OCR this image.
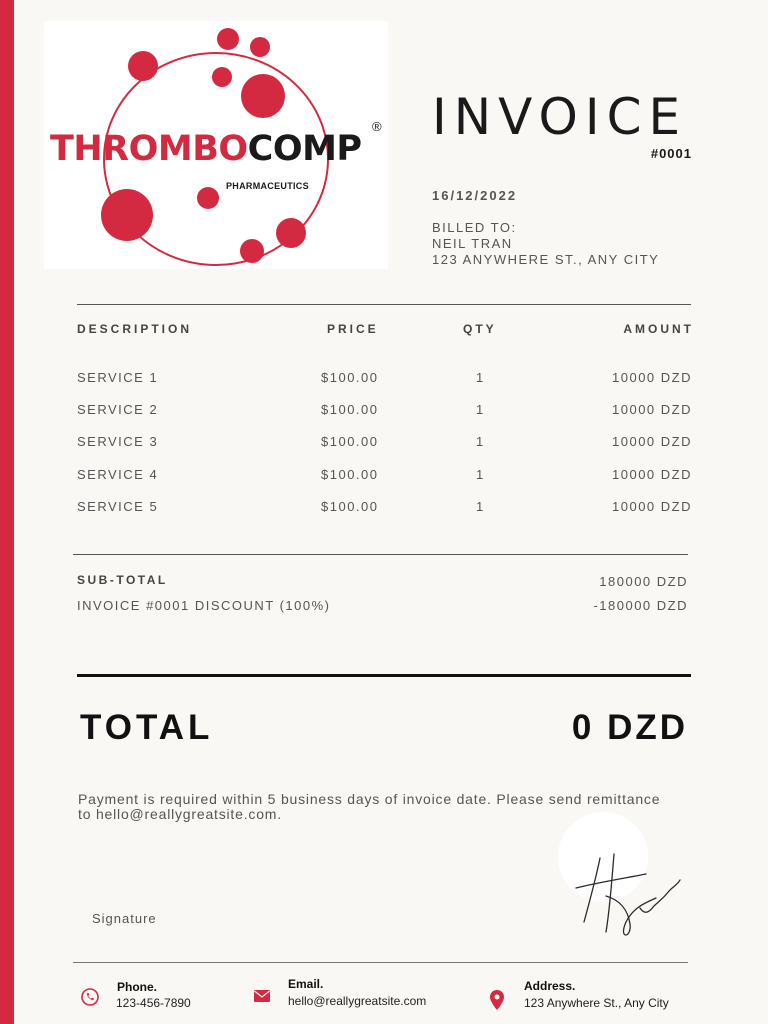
THROMBOCOMP
®
PHARMACEUTICS
INVOICE
#0001
16/12/2022
BILLED TO:
NEIL TRAN
123 ANYWHERE ST., ANY CITY
DESCRIPTION	PRICE	QTY	AMOUNT
SERVICE 1	$100.00	1	10000 DZD
SERVICE 2	$100.00	1	10000 DZD
SERVICE 3	$100.00	1	10000 DZD
SERVICE 4	$100.00	1	10000 DZD
SERVICE 5	$100.00	1	10000 DZD
SUB-TOTAL	180000 DZD
INVOICE #0001 DISCOUNT (100%)	-180000 DZD
TOTAL	0 DZD
Payment is required within 5 business days of invoice date. Please send remittance to hello@reallygreatsite.com.
Signature
Phone.
123-456-7890
Email.
hello@reallygreatsite.com
Address.
123 Anywhere St., Any City
